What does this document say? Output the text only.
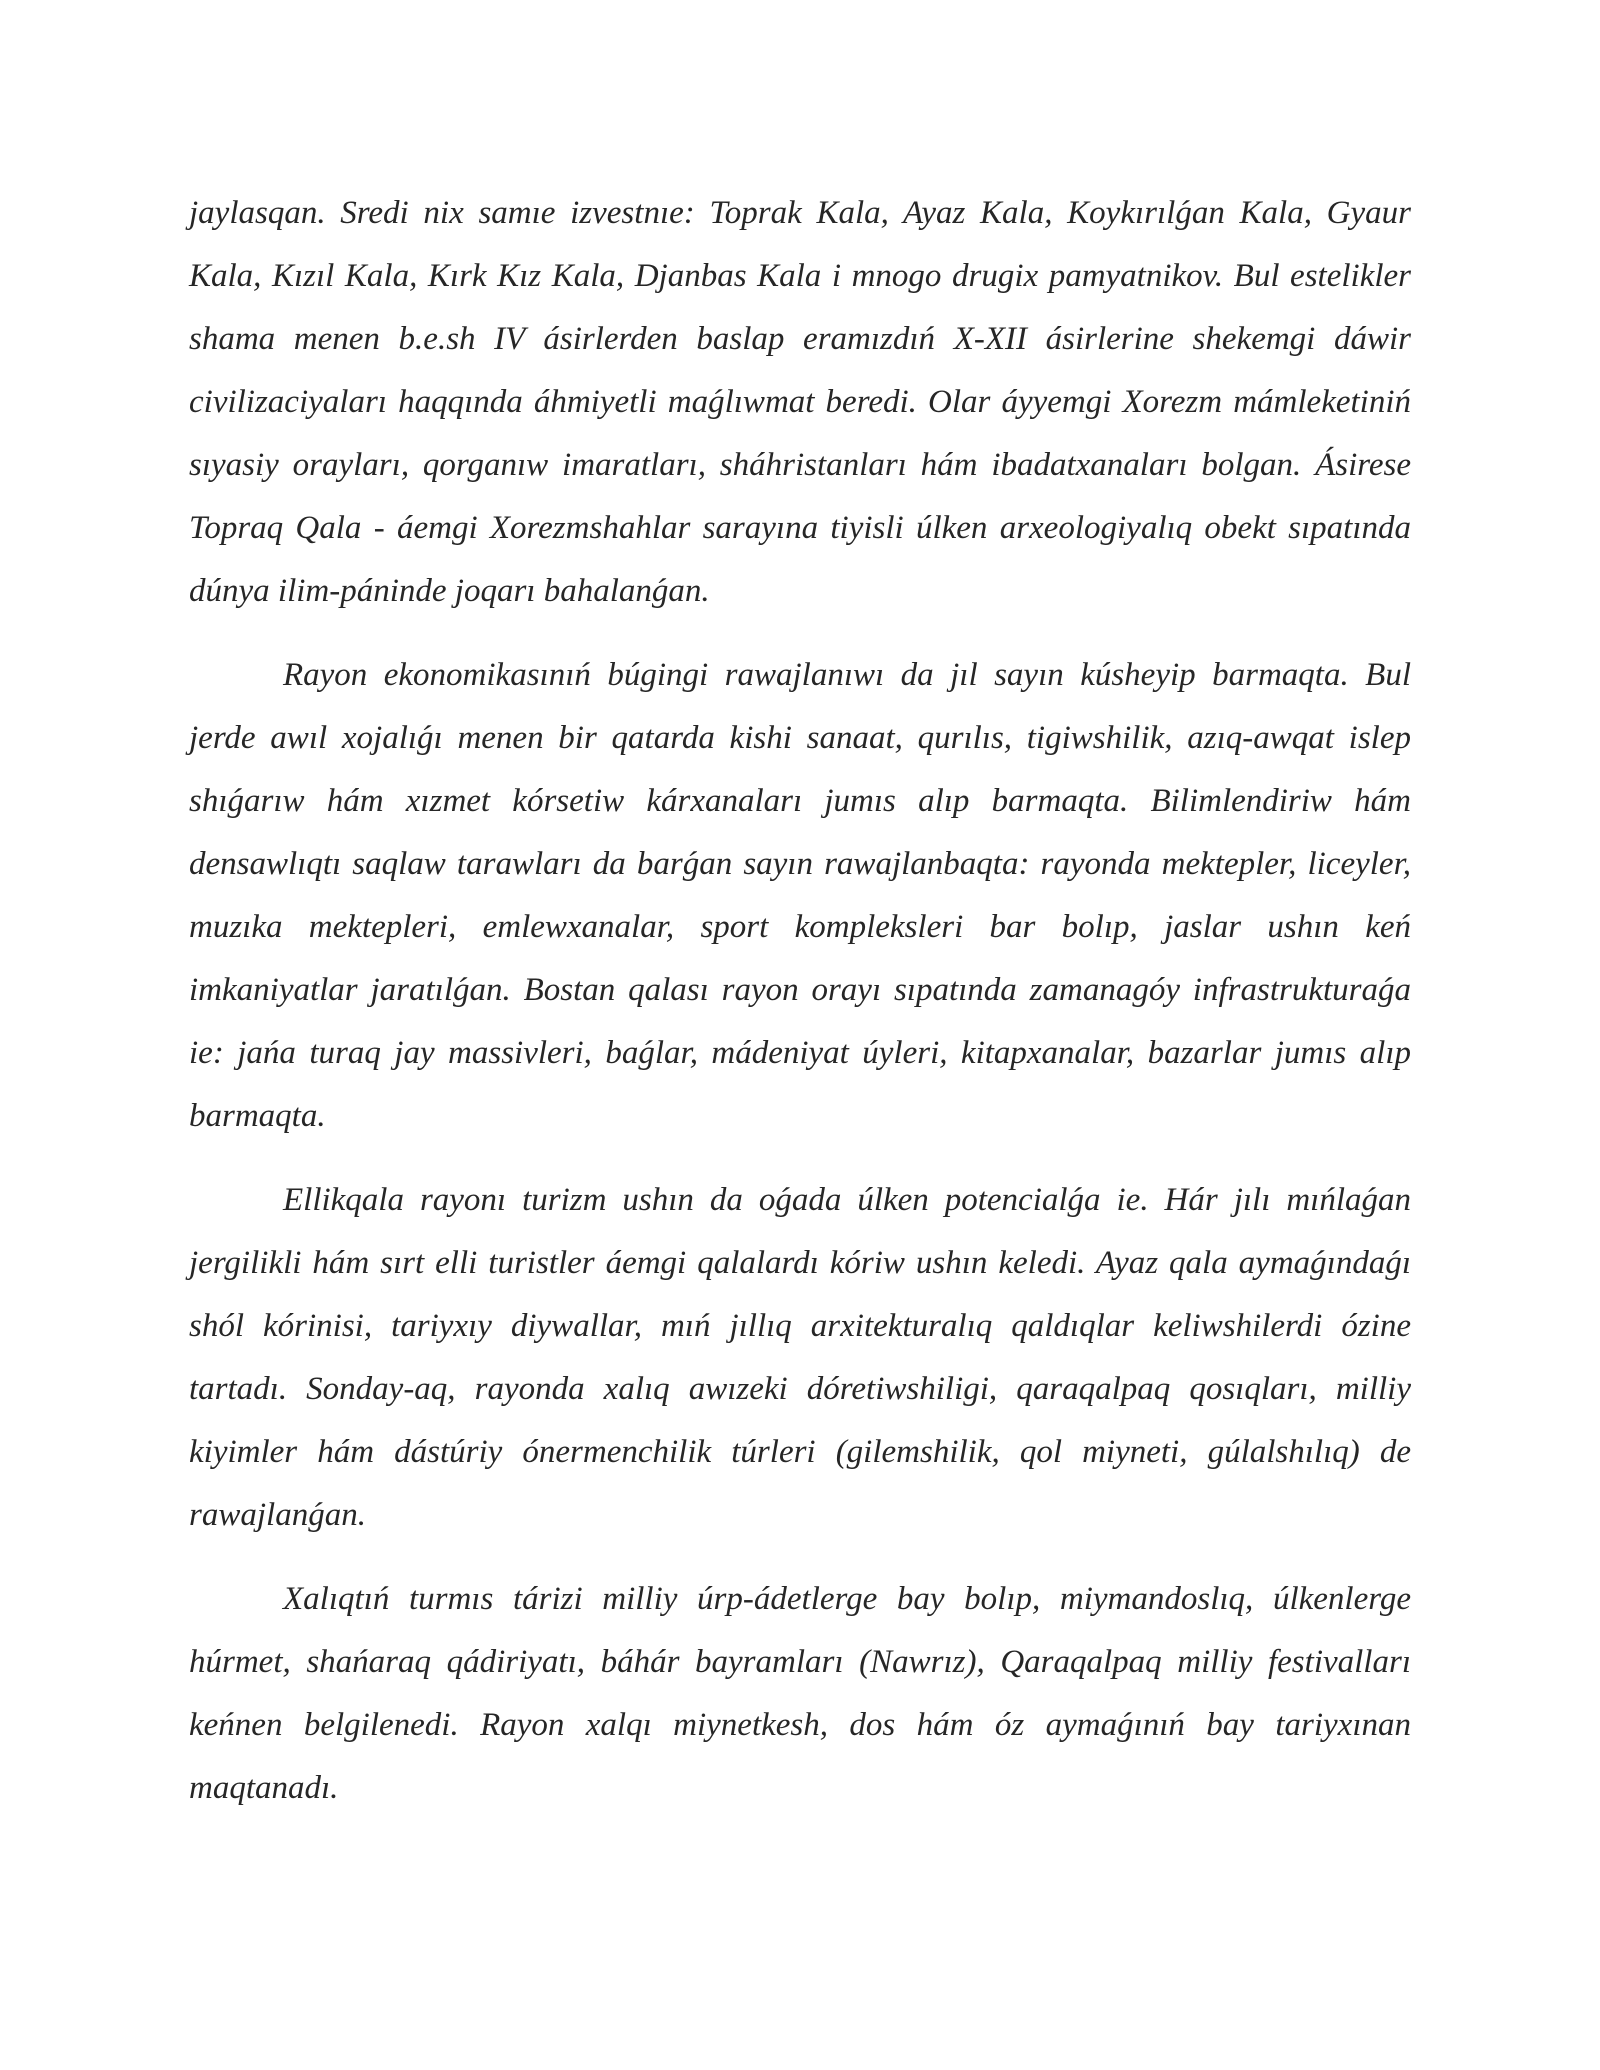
jaylasqan. Sredi nix samıe izvestnıe: Toprak Kala, Ayaz Kala, Koykırılǵan Kala, Gyaur Kala, Kızıl Kala, Kırk Kız Kala, Djanbas Kala i mnogo drugix pamyatnikov. Bul estelikler shama menen b.e.sh IV ásirlerden baslap eramızdıń X-XII ásirlerine shekemgi dáwir civilizaciyaları haqqında áhmiyetli maǵlıwmat beredi. Olar áyyemgi Xorezm mámleketiniń sıyasiy orayları, qorganıw imaratları, sháhristanları hám ibadatxanaları bolgan. Ásirese Topraq Qala - áemgi Xorezmshahlar sarayına tiyisli úlken arxeologiyalıq obekt sıpatında dúnya ilim-pániпde joqarı bahalanǵan.

Rayon ekonomikasınıń búgingi rawajlanıwı da jıl sayın kúsheyip barmaqta. Bul jerde awıl xojalıǵı menen bir qatarda kishi sanaat, qurılıs, tigiwshilik, azıq-awqat islep shıǵarıw hám xızmet kórsetiw kárxanaları jumıs alıp barmaqta. Bilimlendiriw hám densawlıqtı saqlaw tarawları da barǵan sayın rawajlanbaqta: rayonda mektepler, liceyler, muzıka mektepleri, emlewxanalar, sport kompleksleri bar bolıp, jaslar ushın keń imkaniyatlar jaratılǵan. Bostan qalası rayon orayı sıpatında zamanagóy infrastrukturaǵa ie: jańa turaq jay massivleri, baǵlar, mádeniyat úyleri, kitapxanalar, bazarlar jumıs alıp barmaqta.

Ellikqala rayonı turizm ushın da oǵada úlken potencialǵa ie. Hár jılı mıńlaǵan jergilikli hám sırt elli turistler áemgi qalalardı kóriw ushın keledi. Ayaz qala aymaǵındaǵı shól kórinisi, tariyxıy diywallar, mıń jıllıq arxitekturalıq qaldıqlar keliwshilerdi ózine tartadı. Sonday-aq, rayonda xalıq awızeki dóretiwshiligi, qaraqalpaq qosıqları, milliy kiyimler hám dástúriy ónermenchilik túrleri (gilemshilik, qol miyneti, gúlalshılıq) de rawajlanǵan.

Xalıqtıń turmıs tárizi milliy úrp-ádetlerge bay bolıp, miymandoslıq, úlkenlerge húrmet, shańaraq qádiriyatı, báhár bayramları (Nawrız), Qaraqalpaq milliy festivalları keńnen belgilenedi. Rayon xalqı miynetkesh, dos hám óz aymaǵınıń bay tariyxınan maqtanadı.
